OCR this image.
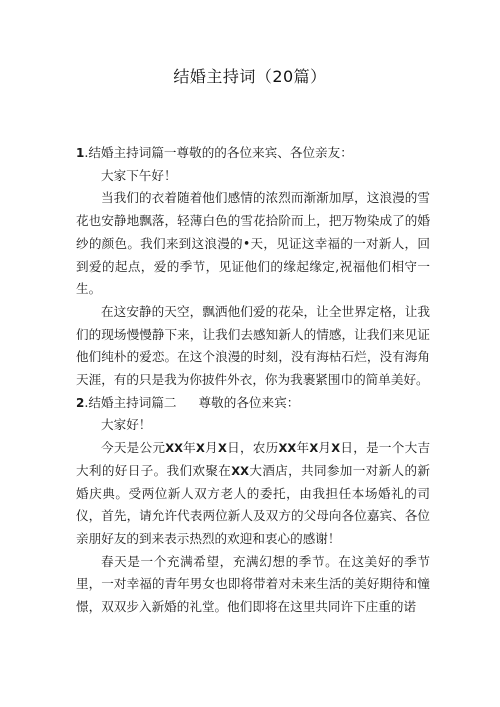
结婚主持词（20篇）

1.结婚主持词篇一尊敬的的各位来宾、各位亲友：

大家下午好！

当我们的衣着随着他们感情的浓烈而渐渐加厚，这浪漫的雪花也安静地飘落，轻薄白色的雪花拾阶而上，把万物染成了的婚纱的颜色。我们来到这浪漫的•天，见证这幸福的一对新人，回到爱的起点，爱的季节，见证他们的缘起缘定,祝福他们相守一生。

在这安静的天空，飘洒他们爱的花朵，让全世界定格，让我们的现场慢慢静下来，让我们去感知新人的情感，让我们来见证他们纯朴的爱恋。在这个浪漫的时刻，没有海枯石烂，没有海角天涯，有的只是我为你披件外衣，你为我裹紧围巾的简单美好。

2.结婚主持词篇二 尊敬的各位来宾：

大家好！

今天是公元XX年X月X日，农历XX年X月X日，是一个大吉大利的好日子。我们欢聚在XX大酒店，共同参加一对新人的新婚庆典。受两位新人双方老人的委托，由我担任本场婚礼的司仪，首先，请允许代表两位新人及双方的父母向各位嘉宾、各位亲朋好友的到来表示热烈的欢迎和衷心的感谢！

春天是一个充满希望，充满幻想的季节。在这美好的季节里，一对幸福的青年男女也即将带着对未来生活的美好期待和憧憬，双双步入新婚的礼堂。他们即将在这里共同许下庄重的诺
